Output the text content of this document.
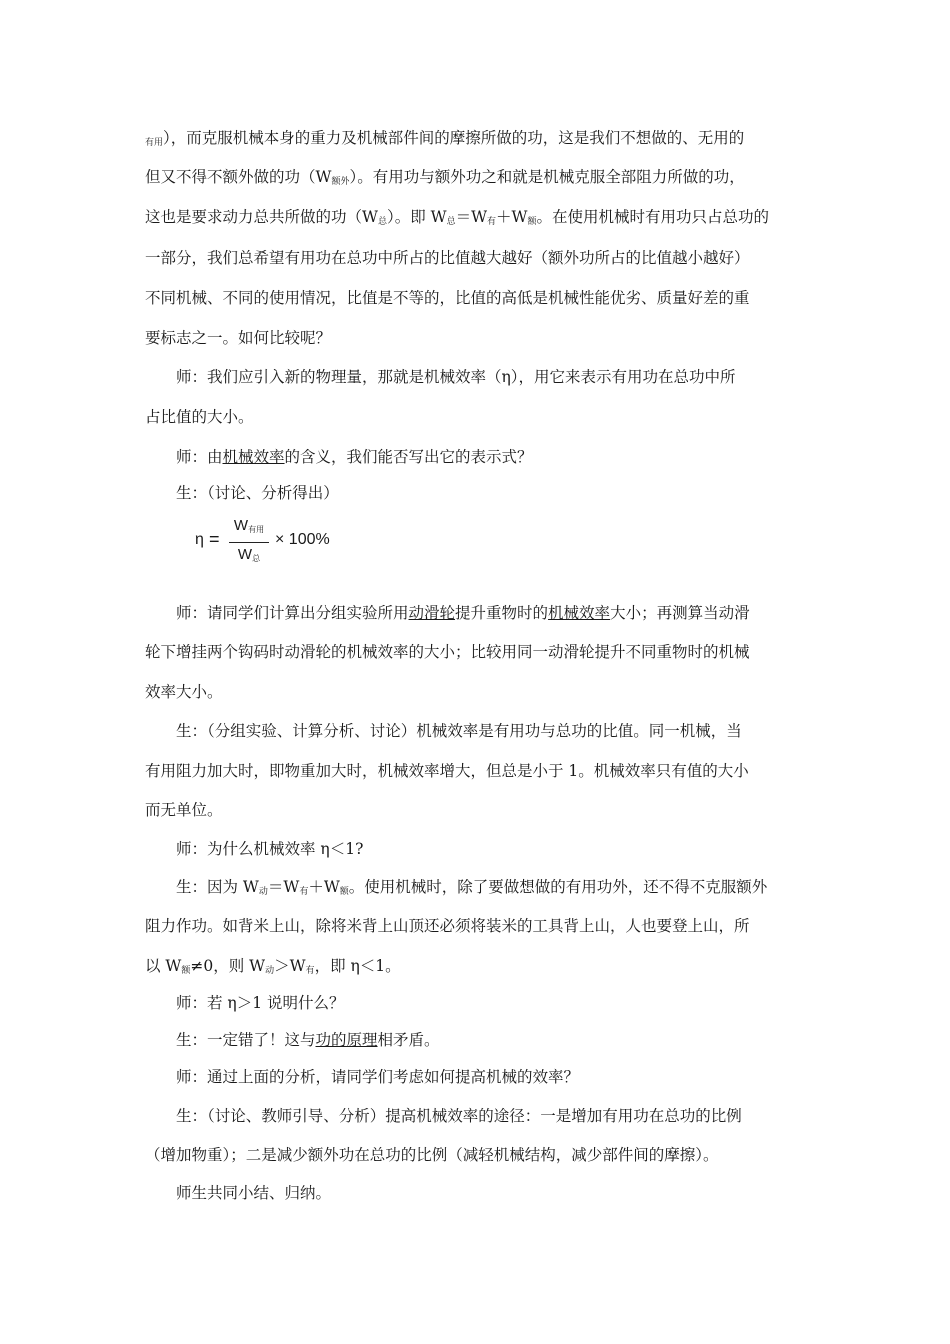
$_{有用}$），而克服机械本身的重力及机械部件间的摩擦所做的功，这是我们不想做的、无用的
但又不得不额外做的功$(W_{额外})$。有用功与额外功之和就是机械克服全部阻力所做的功，
这也是要求动力总共所做的功$(W_总)$。即 $W_总=W_有+W_额$。在使用机械时有用功只占总功的
一部分，我们总希望有用功在总功中所占的比值越大越好（额外功所占的比值越小越好）
不同机械、不同的使用情况，比值是不等的，比值的高低是机械性能优劣、质量好差的重
要标志之一。如何比较呢？
师：我们应引入新的物理量，那就是机械效率（η），用它来表示有用功在总功中所
占比值的大小。
师：由机械效率的含义，我们能否写出它的表示式？
生：（讨论、分析得出）
η =
W有用
W总
× 100%
师：请同学们计算出分组实验所用动滑轮提升重物时的机械效率大小；再测算当动滑
轮下增挂两个钩码时动滑轮的机械效率的大小；比较用同一动滑轮提升不同重物时的机械
效率大小。
生：（分组实验、计算分析、讨论）机械效率是有用功与总功的比值。同一机械，当
有用阻力加大时，即物重加大时，机械效率增大，但总是小于 1。机械效率只有值的大小
而无单位。
师：为什么机械效率 η＜1?
生：因为 $W_动=W_有+W_额$。使用机械时，除了要做想做的有用功外，还不得不克服额外
阻力作功。如背米上山，除将米背上山顶还必须将装米的工具背上山，人也要登上山，所
以 $W_额\ne 0$，则 $W_动>W_有$，即 η＜1。
师：若 η＞1 说明什么？
生：一定错了！这与功的原理相矛盾。
师：通过上面的分析，请同学们考虑如何提高机械的效率？
生：（讨论、教师引导、分析）提高机械效率的途径：一是增加有用功在总功的比例
（增加物重）；二是减少额外功在总功的比例（减轻机械结构，减少部件间的摩擦）。
师生共同小结、归纳。
